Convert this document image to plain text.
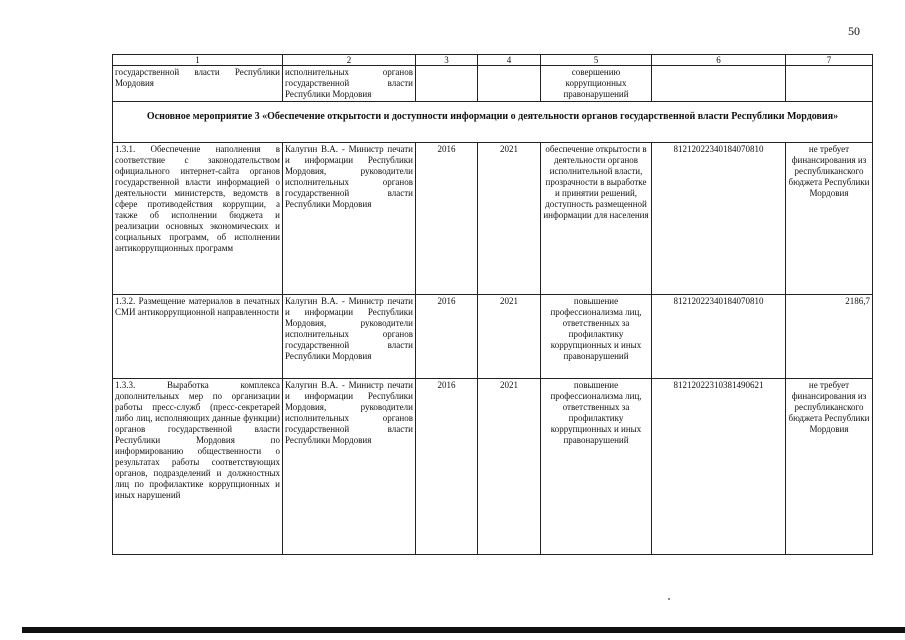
50
1	2	3	4	5	6	7
государственной власти Республики Мордовия	исполнительных органов государственной власти Республики Мордовия			совершению коррупционных правонарушений		
Основное мероприятие 3 «Обеспечение открытости и доступности информации о деятельности органов государственной власти Республики Мордовия»						
1.3.1. Обеспечение наполнения в соответствие с законодательством официального интернет-сайта органов государственной власти информацией о деятельности министерств, ведомств в сфере противодействия коррупции, а также об исполнении бюджета и реализации основных экономических и социальных программ, об исполнении антикоррупционных программ	Калугин В.А. - Министр печати и информации Республики Мордовия, руководители исполнительных органов государственной власти Республики Мордовия	2016	2021	обеспечение открытости в деятельности органов исполнительной власти, прозрачности в выработке и принятии решений, доступность размещенной информации для населения	81212022340184070810	не требует финансирования из республиканского бюджета Республики Мордовия
1.3.2. Размещение материалов в печатных СМИ антикоррупционной направленности	Калугин В.А. - Министр печати и информации Республики Мордовия, руководители исполнительных органов государственной власти Республики Мордовия	2016	2021	повышение профессионализма лиц, ответственных за профилактику коррупционных и иных правонарушений	81212022340184070810	2186,7
1.3.3. Выработка комплекса дополнительных мер по организации работы пресс-служб (пресс-секретарей либо лиц, исполняющих данные функции) органов государственной власти Республики Мордовия по информированию общественности о результатах работы соответствующих органов, подразделений и должностных лиц по профилактике коррупционных и иных нарушений	Калугин В.А. - Министр печати и информации Республики Мордовия, руководители исполнительных органов государственной власти Республики Мордовия	2016	2021	повышение профессионализма лиц, ответственных за профилактику коррупционных и иных правонарушений	81212022310381490621	не требует финансирования из республиканского бюджета Республики Мордовия
